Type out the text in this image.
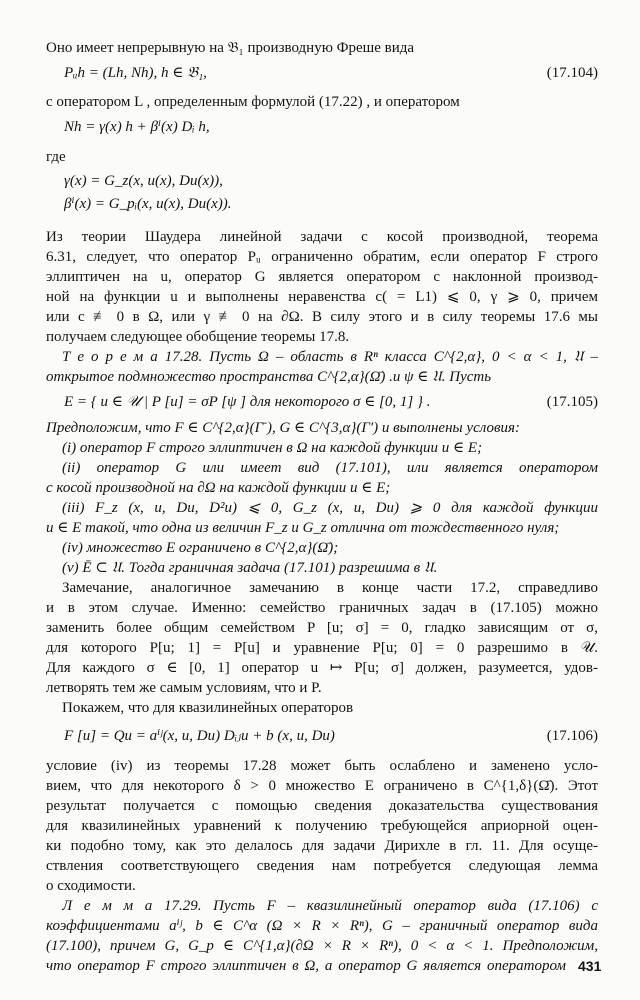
Оно имеет непрерывную на 𝔅₁ производную Фреше вида
Pᵤh = (Lh, Nh), h ∈ 𝔅₁,	(17.104)
с оператором L , определенным формулой (17.22) , и оператором
Nh = γ(x) h + βⁱ(x) Dᵢ h,
где
γ(x) = G_z(x, u(x), Du(x)),
βⁱ(x) = G_pᵢ(x, u(x), Du(x)).
Из теории Шаудера линейной задачи с косой производной, теорема
6.31, следует, что оператор Pᵤ ограниченно обратим, если оператор F строго
эллиптичен на u, оператор G является оператором с наклонной производ-
ной на функции u и выполнены неравенства c( = L1) ⩽ 0, γ ⩾ 0, причем
или c ≢ 0 в Ω, или γ ≢ 0 на ∂Ω. В силу этого и в силу теоремы 17.6 мы
получаем следующее обобщение теоремы 17.8.
Т е о р е м а 17.28. Пусть Ω – область в Rⁿ класса C^{2,α}, 0 < α < 1, 𝔘 –
открытое подмножество пространства C^{2,α}(Ω̄) .и ψ ∈ 𝔘. Пусть
E = { u ∈ 𝒰 | P [u] = σP [ψ ] для некоторого σ ∈ [0, 1] } .	(17.105)
Предположим, что F ∈ C^{2,α}(Γ̄ ), G ∈ C^{3,α}(Γ′) и выполнены условия:
(i) оператор F строго эллиптичен в Ω на каждой функции u ∈ E;
(ii) оператор G или имеет вид (17.101), или является оператором
с косой производной на ∂Ω на каждой функции u ∈ E;
(iii) F_z (x, u, Du, D²u) ⩽ 0, G_z (x, u, Du) ⩾ 0 для каждой функции
u ∈ E такой, что одна из величин F_z и G_z отлична от тождественного нуля;
(iv) множество E ограничено в C^{2,α}(Ω̄);
(v) Ē ⊂ 𝔘. Тогда граничная задача (17.101) разрешима в 𝔘.
Замечание, аналогичное замечанию в конце части 17.2, справедливо
и в этом случае. Именно: семейство граничных задач в (17.105) можно
заменить более общим семейством P [u; σ] = 0, гладко зависящим от σ,
для которого P[u; 1] = P[u] и уравнение P[u; 0] = 0 разрешимо в 𝒰.
Для каждого σ ∈ [0, 1] оператор u ↦ P[u; σ] должен, разумеется, удов-
летворять тем же самым условиям, что и P.
Покажем, что для квазилинейных операторов
F [u] = Qu = aⁱʲ(x, u, Du) Dᵢⱼu + b (x, u, Du)	(17.106)
условие (iv) из теоремы 17.28 может быть ослаблено и заменено усло-
вием, что для некоторого δ > 0 множество E ограничено в C^{1,δ}(Ω̄). Этот
результат получается с помощью сведения доказательства существования
для квазилинейных уравнений к получению требующейся априорной оцен-
ки подобно тому, как это делалось для задачи Дирихле в гл. 11. Для осуще-
ствления соответствующего сведения нам потребуется следующая лемма
о сходимости.
Л е м м а 17.29. Пусть F – квазилинейный оператор вида (17.106) с
коэффициентами aⁱʲ, b ∈ C^α (Ω × R × Rⁿ), G – граничный оператор вида
(17.100), причем G, G_p ∈ C^{1,α}(∂Ω × R × Rⁿ), 0 < α < 1. Предположим,
что оператор F строго эллиптичен в Ω, а оператор G является оператором 431
